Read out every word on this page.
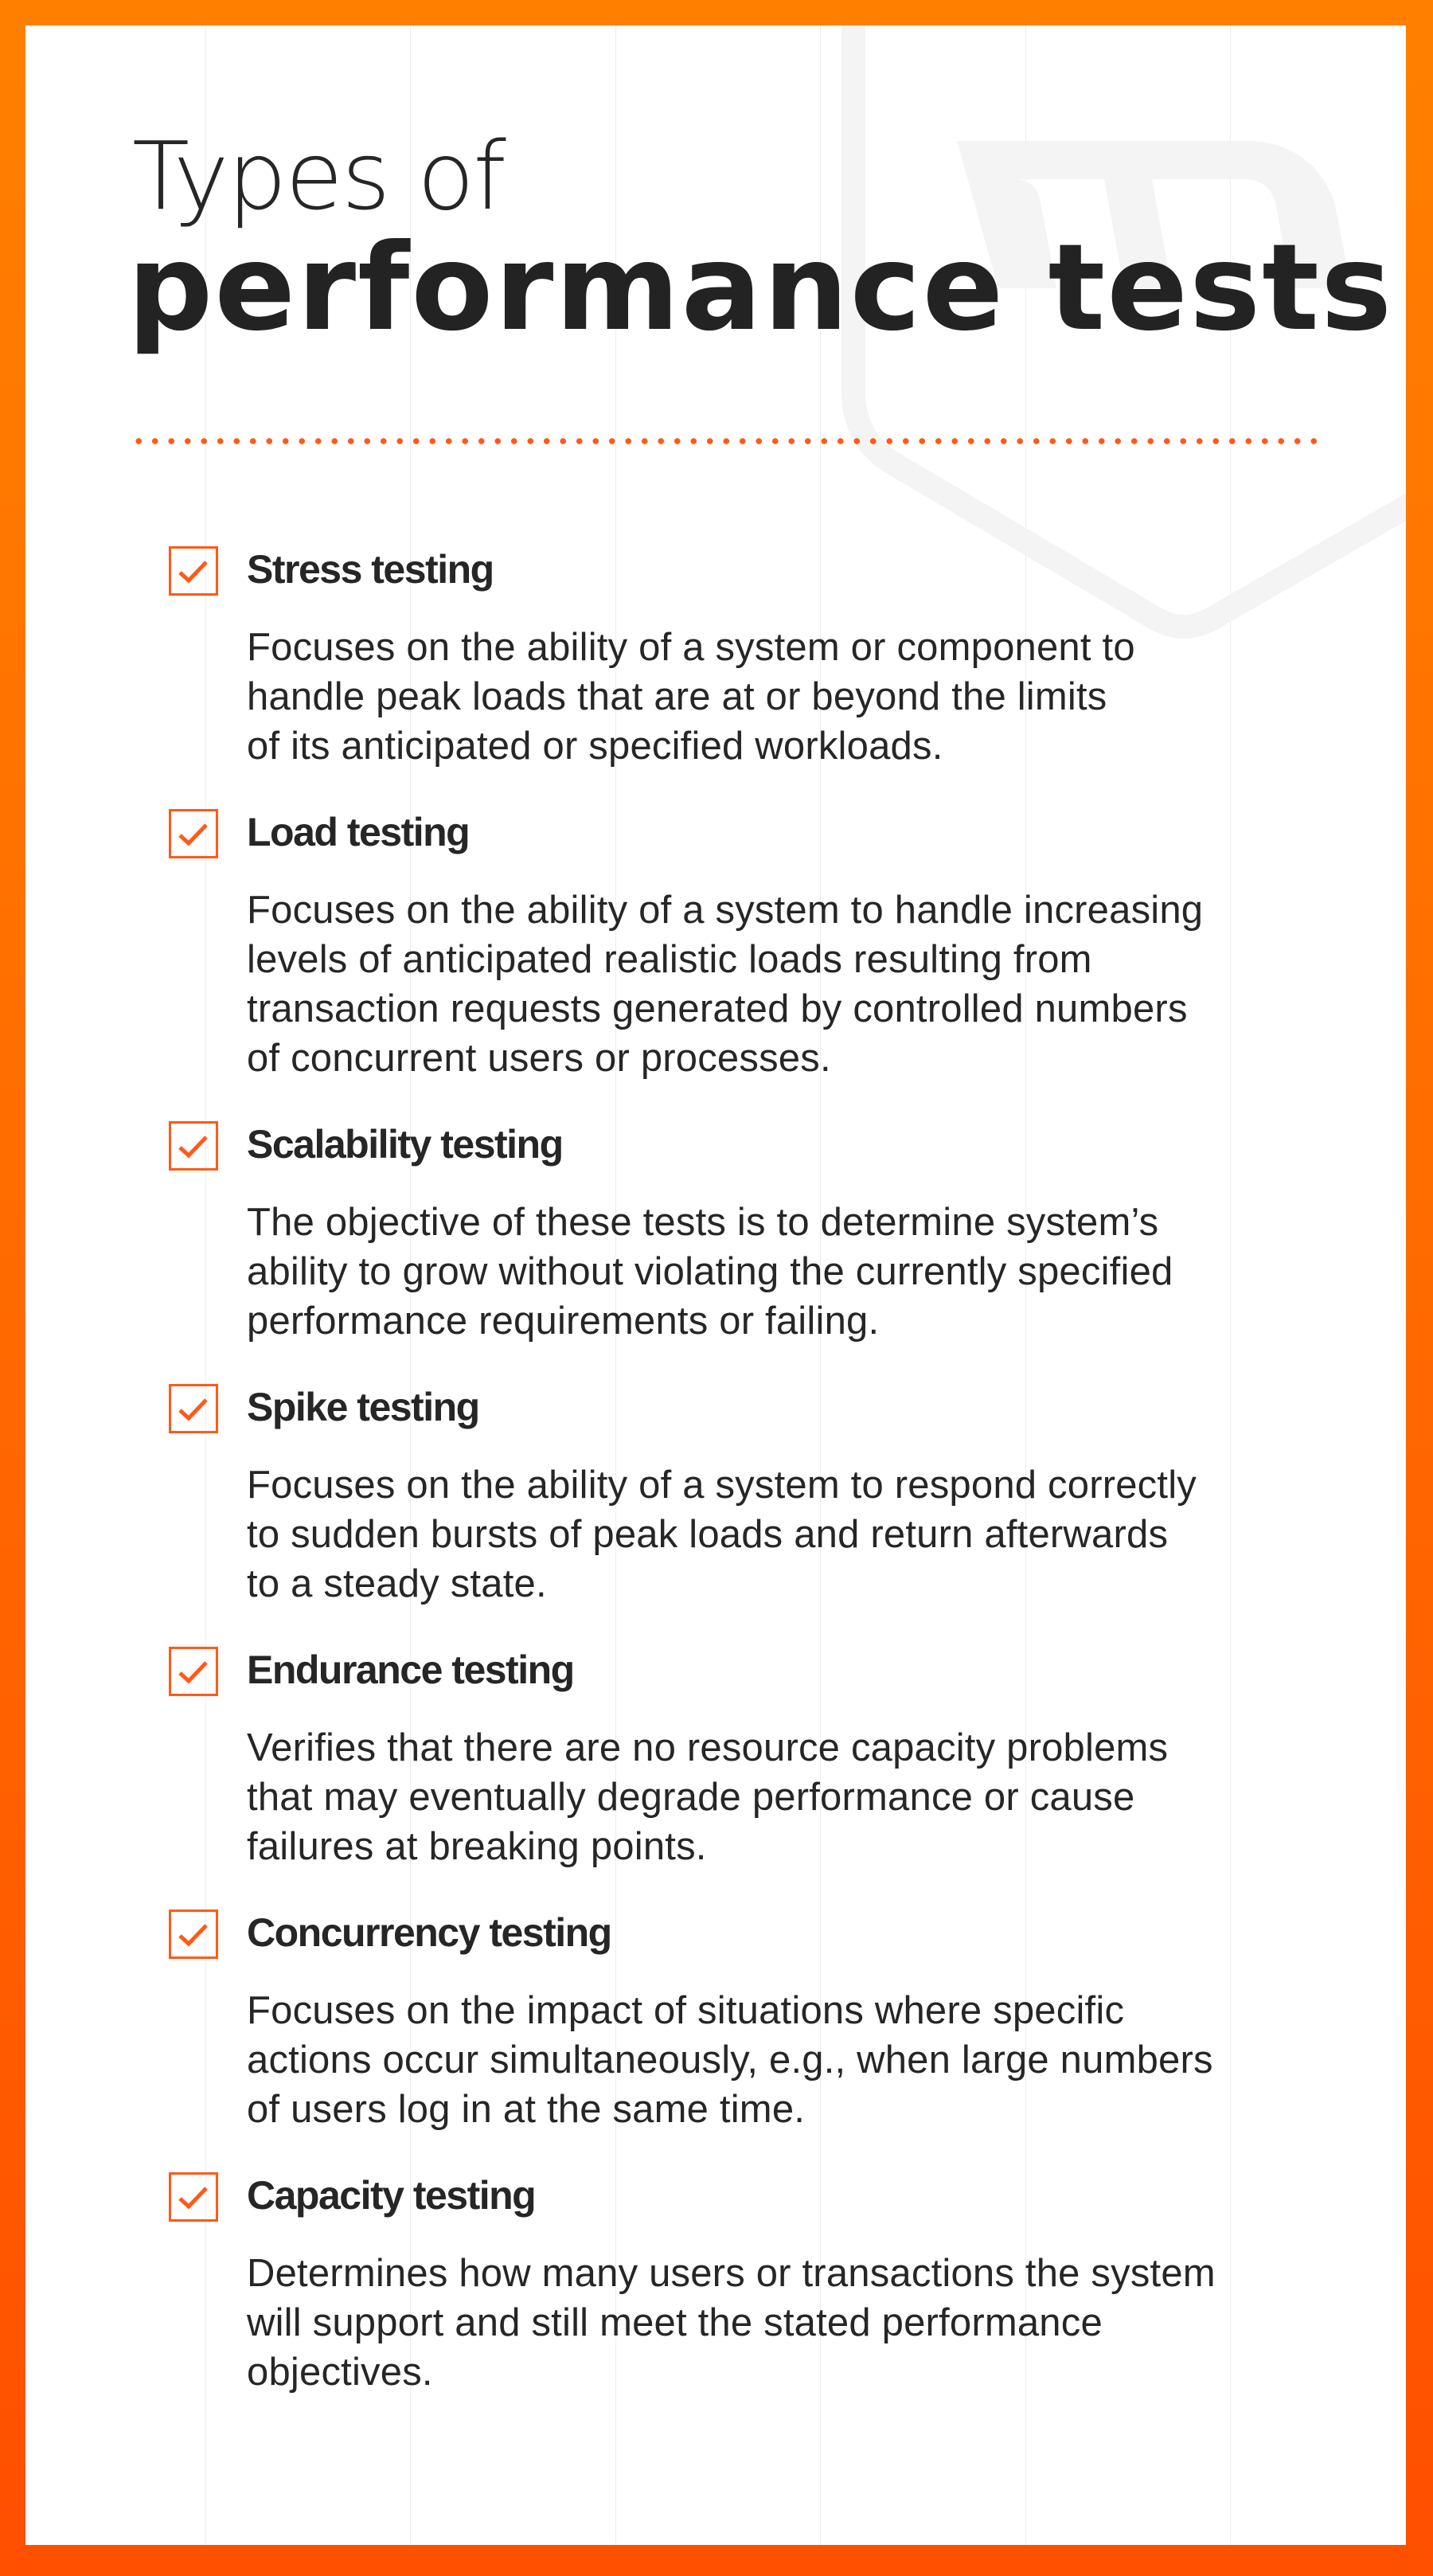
Types of
performance tests
Stress testing
Focuses on the ability of a system or component to
handle peak loads that are at or beyond the limits
of its anticipated or specified workloads.
Load testing
Focuses on the ability of a system to handle increasing
levels of anticipated realistic loads resulting from
transaction requests generated by controlled numbers
of concurrent users or processes.
Scalability testing
The objective of these tests is to determine system’s
ability to grow without violating the currently specified
performance requirements or failing.
Spike testing
Focuses on the ability of a system to respond correctly
to sudden bursts of peak loads and return afterwards
to a steady state.
Endurance testing
Verifies that there are no resource capacity problems
that may eventually degrade performance or cause
failures at breaking points.
Concurrency testing
Focuses on the impact of situations where specific
actions occur simultaneously, e.g., when large numbers
of users log in at the same time.
Capacity testing
Determines how many users or transactions the system
will support and still meet the stated performance
objectives.
